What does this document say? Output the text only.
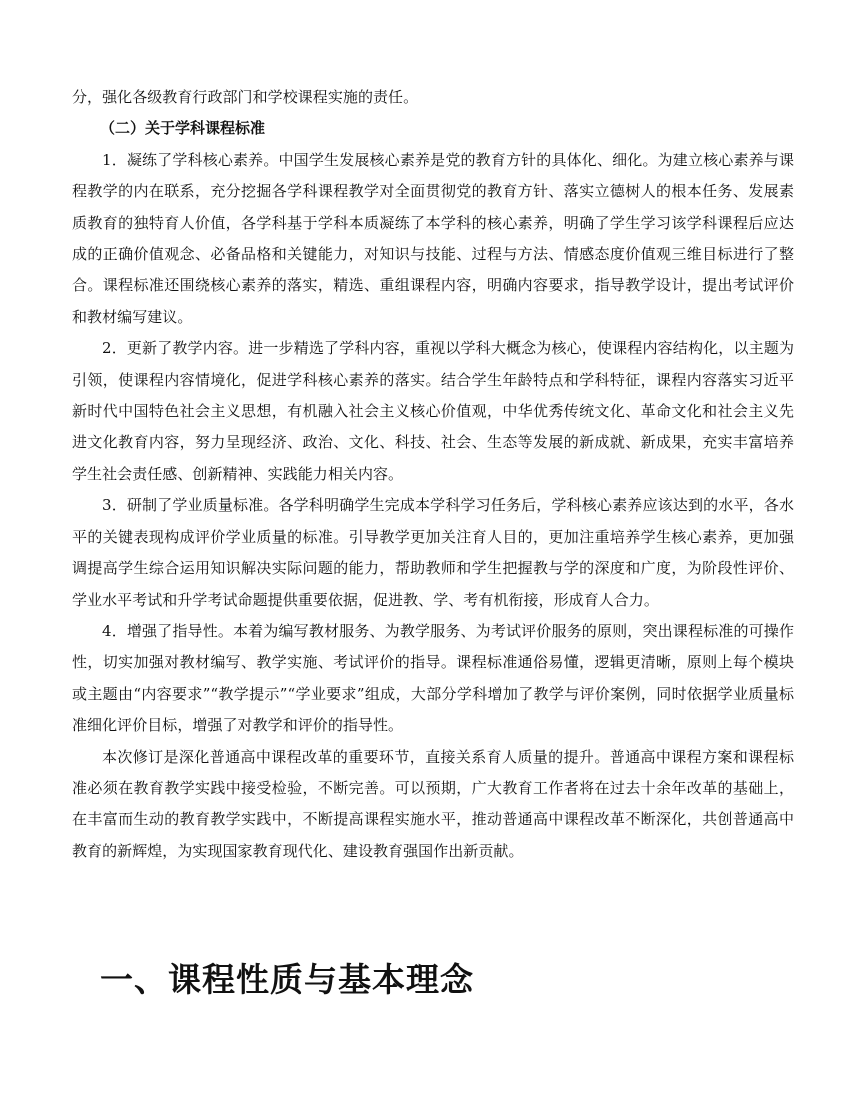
分，强化各级教育行政部门和学校课程实施的责任。

（二）关于学科课程标准

1．凝练了学科核心素养。中国学生发展核心素养是党的教育方针的具体化、细化。为建立核心素养与课程教学的内在联系，充分挖掘各学科课程教学对全面贯彻党的教育方针、落实立德树人的根本任务、发展素质教育的独特育人价值，各学科基于学科本质凝练了本学科的核心素养，明确了学生学习该学科课程后应达成的正确价值观念、必备品格和关键能力，对知识与技能、过程与方法、情感态度价值观三维目标进行了整合。课程标准还围绕核心素养的落实，精选、重组课程内容，明确内容要求，指导教学设计，提出考试评价和教材编写建议。

2．更新了教学内容。进一步精选了学科内容，重视以学科大概念为核心，使课程内容结构化，以主题为引领，使课程内容情境化，促进学科核心素养的落实。结合学生年龄特点和学科特征，课程内容落实习近平新时代中国特色社会主义思想，有机融入社会主义核心价值观，中华优秀传统文化、革命文化和社会主义先进文化教育内容，努力呈现经济、政治、文化、科技、社会、生态等发展的新成就、新成果，充实丰富培养学生社会责任感、创新精神、实践能力相关内容。

3．研制了学业质量标准。各学科明确学生完成本学科学习任务后，学科核心素养应该达到的水平，各水平的关键表现构成评价学业质量的标准。引导教学更加关注育人目的，更加注重培养学生核心素养，更加强调提高学生综合运用知识解决实际问题的能力，帮助教师和学生把握教与学的深度和广度，为阶段性评价、学业水平考试和升学考试命题提供重要依据，促进教、学、考有机衔接，形成育人合力。

4．增强了指导性。本着为编写教材服务、为教学服务、为考试评价服务的原则，突出课程标准的可操作性，切实加强对教材编写、教学实施、考试评价的指导。课程标准通俗易懂，逻辑更清晰，原则上每个模块或主题由“内容要求”“教学提示”“学业要求”组成，大部分学科增加了教学与评价案例，同时依据学业质量标准细化评价目标，增强了对教学和评价的指导性。

本次修订是深化普通高中课程改革的重要环节，直接关系育人质量的提升。普通高中课程方案和课程标准必须在教育教学实践中接受检验，不断完善。可以预期，广大教育工作者将在过去十余年改革的基础上，在丰富而生动的教育教学实践中，不断提高课程实施水平，推动普通高中课程改革不断深化，共创普通高中教育的新辉煌，为实现国家教育现代化、建设教育强国作出新贡献。

一、课程性质与基本理念
